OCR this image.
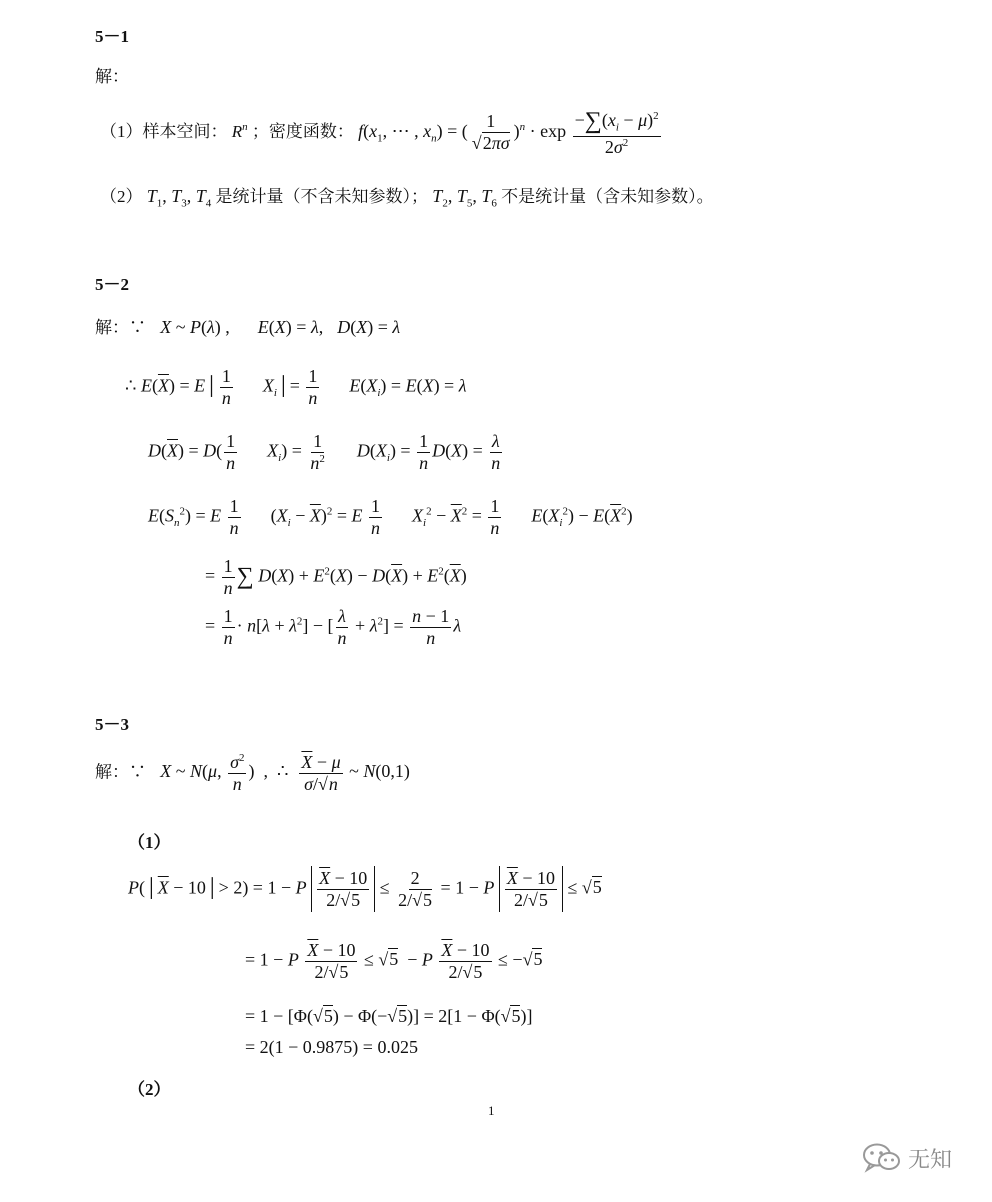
5－1
解：
（1）样本空间： $R^n$ ；密度函数： $f(x_1$, ⋯ , $x_n$) = ( $\frac{1}{√2\pi\sigma} )^n \cdot \exp \frac{-\sum(x_i - \mu)^2}{2\sigma^2}$
（2） $T_1$, $T_3$, $T_4$ 是统计量（不含未知参数）； $T_2$, $T_5$, $T_6$ 不是统计量（含未知参数）。
5－2
解：∵ X ~ P(λ) , E(X) = λ, D(X) = λ
∴ $E(\overline{X})$ = E│ $\frac{1}{n}$ $X_i│= \frac{1}{n} E(X_i) = E(X) = \lambda$
$D(\overline{X}) = D( \frac{1}{n} X_i) = \frac{1}{n^2} D(X_i) = \frac{1}{n} D(X) = \frac{\lambda}{n}$
$E(S_n^2) = E \frac{1}{n} (X_i - \overline{X})^2 = E \frac{1}{n} X_i^2 - \overline{X}^2 = \frac{1}{n} E(X_i^2) - E(\overline{X}^2)$
= $\frac{1}{n}$ ∑ $D(X) + E^2(X) - D(\overline{X}) + E^2(\overline{X})$
= $\frac{1}{n} \cdot n[\lambda + \lambda^2]$ − [ $\frac{\lambda}{n} + \lambda^2] = \frac{n - 1}{n}$ λ
5－3
解：∵ X ~ N(μ, $\frac{\sigma^2}{n}$ )  ,  ∴ $\frac{\overline{X} - \mu}{\sigma/√n}$ ~ N(0,1)
（1）
$P(│\overline{X}$ − 10│> 2) = 1 − P $\frac{\overline{X} - 10}{2/√5} \le \frac{2}{2/√5} = 1 - P \frac{\overline{X} - 10}{2/√5} \le √5$
= 1 − P $\frac{\overline{X} - 10}{2/√5} \le √5 - P \frac{\overline{X} - 10}{2/√5} \le -√5$
= 1 − [Φ(√5) − Φ(−√5)] = 2[1 − Φ(√5)]
= 2(1 − 0.9875) = 0.025
（2）
1
无知
